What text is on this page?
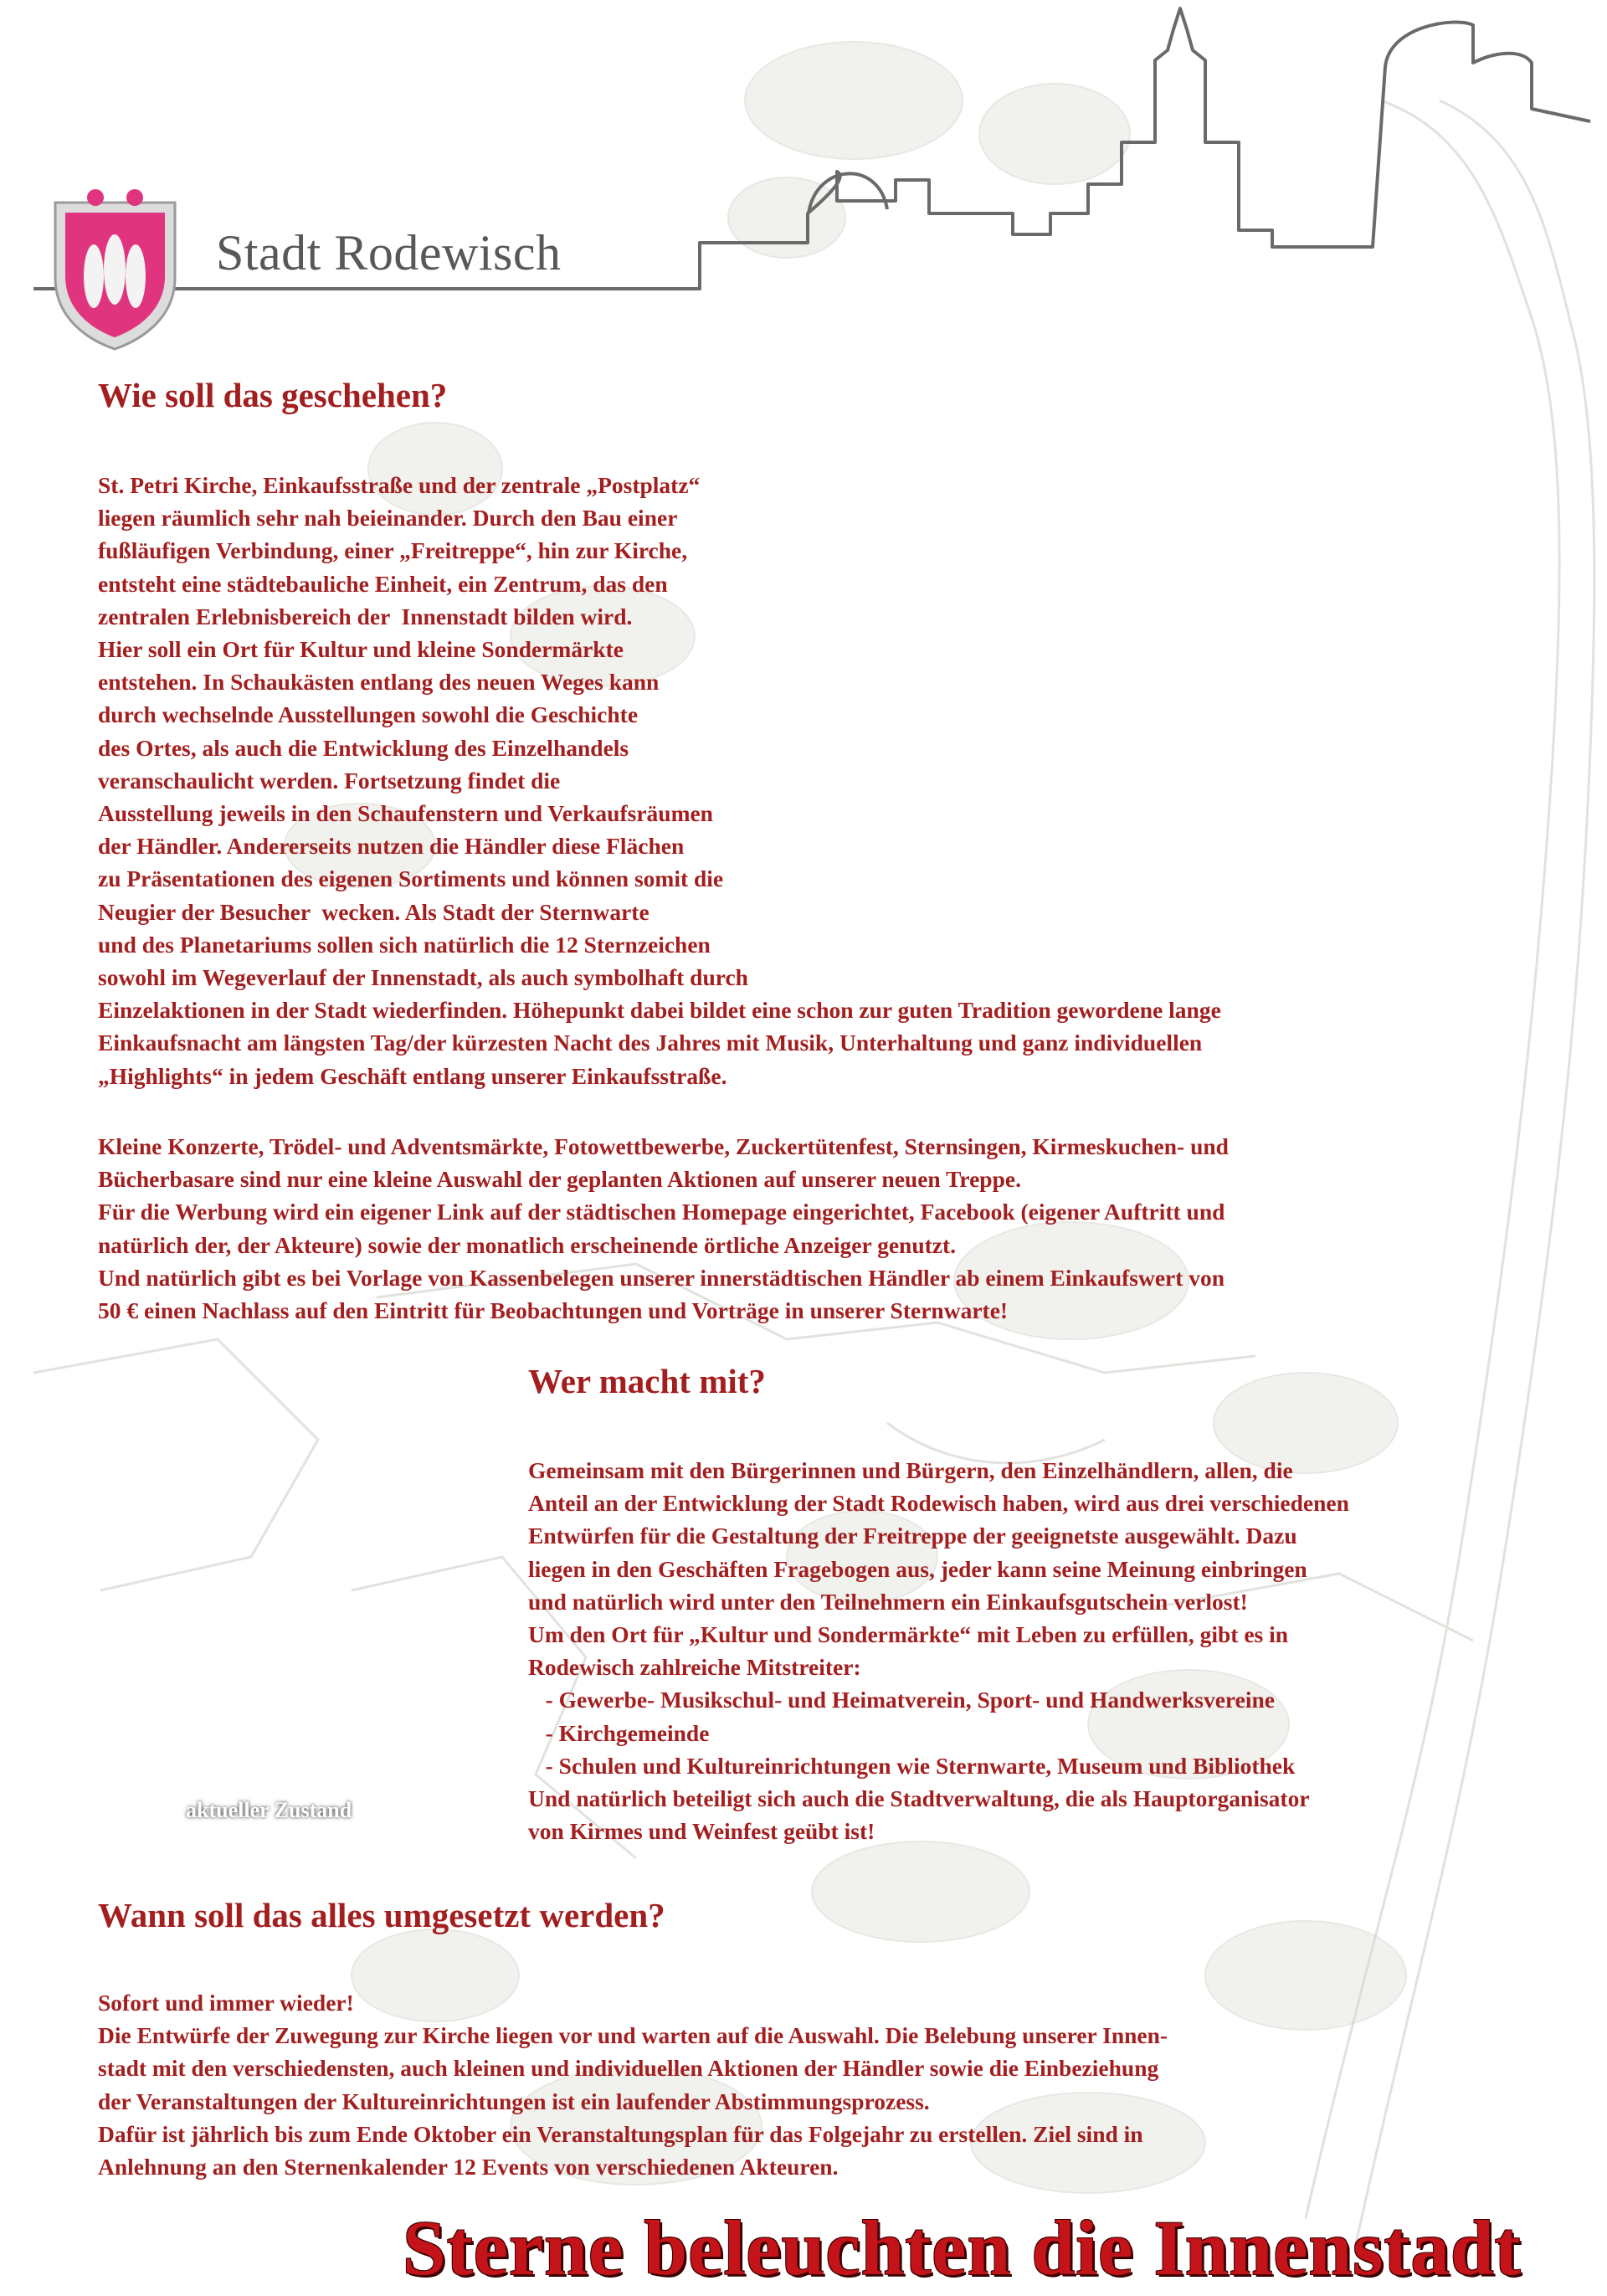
Stadt Rodewisch
Wie soll das geschehen?
St. Petri Kirche, Einkaufsstraße und der zentrale „Postplatz“
liegen räumlich sehr nah beieinander. Durch den Bau einer
fußläufigen Verbindung, einer „Freitreppe“, hin zur Kirche,
entsteht eine städtebauliche Einheit, ein Zentrum, das den
zentralen Erlebnisbereich der  Innenstadt bilden wird.
Hier soll ein Ort für Kultur und kleine Sondermärkte
entstehen. In Schaukästen entlang des neuen Weges kann
durch wechselnde Ausstellungen sowohl die Geschichte
des Ortes, als auch die Entwicklung des Einzelhandels
veranschaulicht werden. Fortsetzung findet die
Ausstellung jeweils in den Schaufenstern und Verkaufsräumen
der Händler. Andererseits nutzen die Händler diese Flächen
zu Präsentationen des eigenen Sortiments und können somit die
Neugier der Besucher  wecken. Als Stadt der Sternwarte
und des Planetariums sollen sich natürlich die 12 Sternzeichen
sowohl im Wegeverlauf der Innenstadt, als auch symbolhaft durch
Einzelaktionen in der Stadt wiederfinden. Höhepunkt dabei bildet eine schon zur guten Tradition gewordene lange
Einkaufsnacht am längsten Tag/der kürzesten Nacht des Jahres mit Musik, Unterhaltung und ganz individuellen
„Highlights“ in jedem Geschäft entlang unserer Einkaufsstraße.
Kleine Konzerte, Trödel- und Adventsmärkte, Fotowettbewerbe, Zuckertütenfest, Sternsingen, Kirmeskuchen- und
Bücherbasare sind nur eine kleine Auswahl der geplanten Aktionen auf unserer neuen Treppe.
Für die Werbung wird ein eigener Link auf der städtischen Homepage eingerichtet, Facebook (eigener Auftritt und
natürlich der, der Akteure) sowie der monatlich erscheinende örtliche Anzeiger genutzt.
Und natürlich gibt es bei Vorlage von Kassenbelegen unserer innerstädtischen Händler ab einem Einkaufswert von
50 € einen Nachlass auf den Eintritt für Beobachtungen und Vorträge in unserer Sternwarte!
Wer macht mit?
Gemeinsam mit den Bürgerinnen und Bürgern, den Einzelhändlern, allen, die
Anteil an der Entwicklung der Stadt Rodewisch haben, wird aus drei verschiedenen
Entwürfen für die Gestaltung der Freitreppe der geeignetste ausgewählt. Dazu
liegen in den Geschäften Fragebogen aus, jeder kann seine Meinung einbringen
und natürlich wird unter den Teilnehmern ein Einkaufsgutschein verlost!
Um den Ort für „Kultur und Sondermärkte“ mit Leben zu erfüllen, gibt es in
Rodewisch zahlreiche Mitstreiter:
- Gewerbe- Musikschul- und Heimatverein, Sport- und Handwerksvereine
- Kirchgemeinde
- Schulen und Kultureinrichtungen wie Sternwarte, Museum und Bibliothek
Und natürlich beteiligt sich auch die Stadtverwaltung, die als Hauptorganisator
von Kirmes und Weinfest geübt ist!
aktueller Zustand
Wann soll das alles umgesetzt werden?
Sofort und immer wieder!
Die Entwürfe der Zuwegung zur Kirche liegen vor und warten auf die Auswahl. Die Belebung unserer Innen-
stadt mit den verschiedensten, auch kleinen und individuellen Aktionen der Händler sowie die Einbeziehung
der Veranstaltungen der Kultureinrichtungen ist ein laufender Abstimmungsprozess.
Dafür ist jährlich bis zum Ende Oktober ein Veranstaltungsplan für das Folgejahr zu erstellen. Ziel sind in
Anlehnung an den Sternenkalender 12 Events von verschiedenen Akteuren.
Sterne beleuchten die Innenstadt
